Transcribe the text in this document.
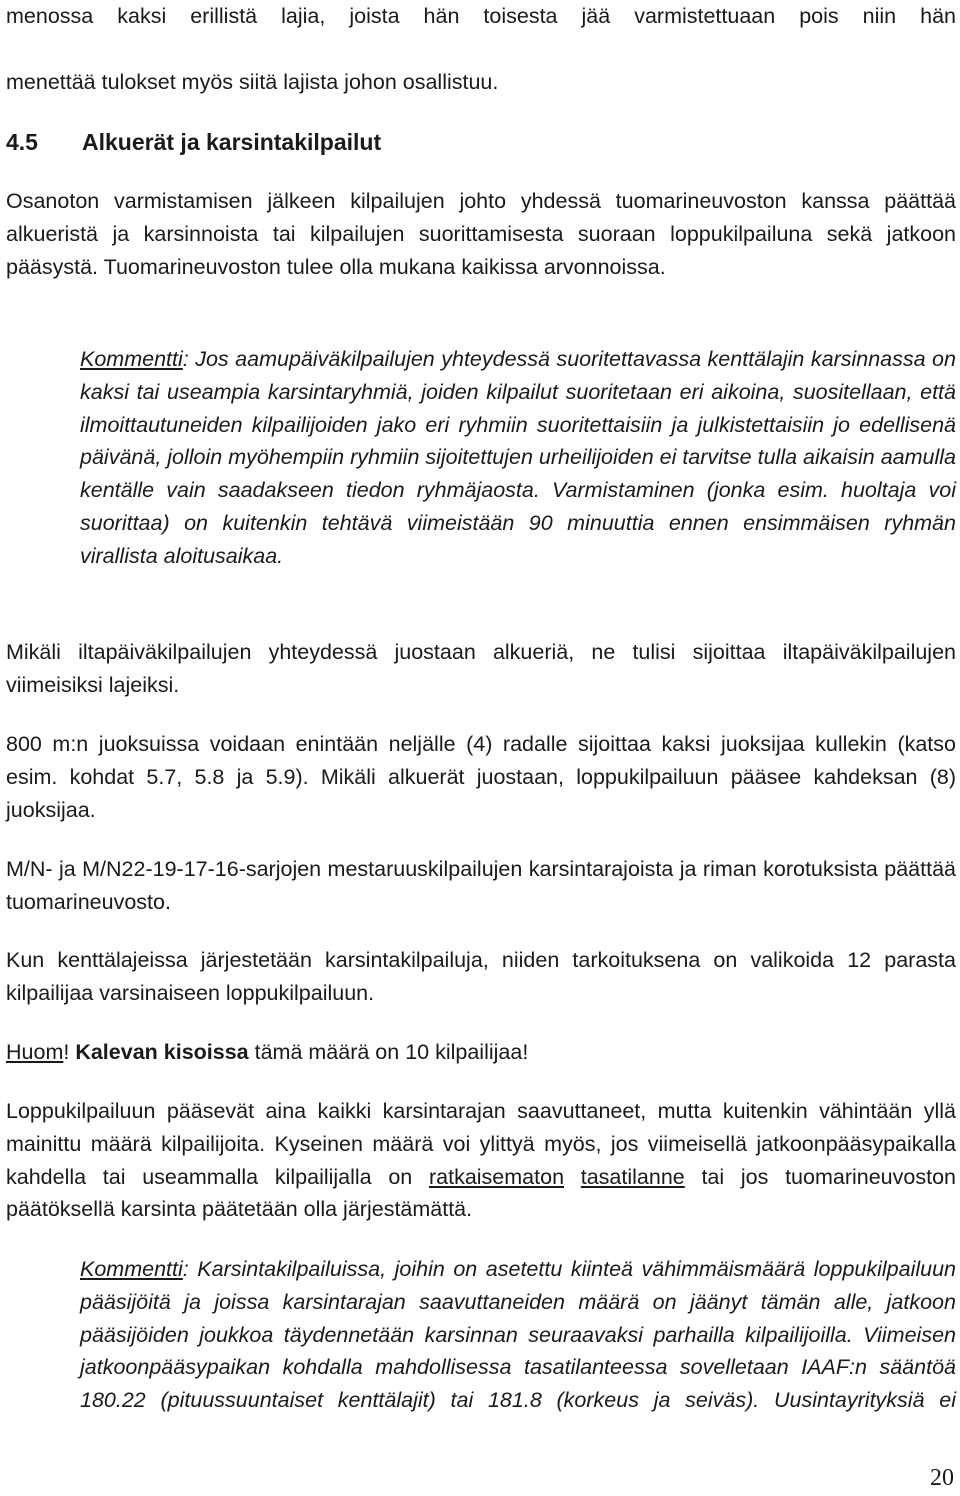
menossa kaksi erillistä lajia, joista hän toisesta jää varmistettuaan pois niin hän
menettää tulokset myös siitä lajista johon osallistuu.

4.5 Alkuerät ja karsintakilpailut

Osanoton varmistamisen jälkeen kilpailujen johto yhdessä tuomarineuvoston kanssa päättää alkueristä ja karsinnoista tai kilpailujen suorittamisesta suoraan loppukilpailuna sekä jatkoon pääsystä. Tuomarineuvoston tulee olla mukana kaikissa arvonnoissa.

Kommentti: Jos aamupäiväkilpailujen yhteydessä suoritettavassa kenttälajin karsinnassa on kaksi tai useampia karsintaryhmiä, joiden kilpailut suoritetaan eri aikoina, suositellaan, että ilmoittautuneiden kilpailijoiden jako eri ryhmiin suoritettaisiin ja julkistettaisiin jo edellisenä päivänä, jolloin myöhempiin ryhmiin sijoitettujen urheilijoiden ei tarvitse tulla aikaisin aamulla kentälle vain saadakseen tiedon ryhmäjaosta. Varmistaminen (jonka esim. huoltaja voi suorittaa) on kuitenkin tehtävä viimeistään 90 minuuttia ennen ensimmäisen ryhmän virallista aloitusaikaa.

Mikäli iltapäiväkilpailujen yhteydessä juostaan alkueriä, ne tulisi sijoittaa iltapäiväkilpailujen viimeisiksi lajeiksi.

800 m:n juoksuissa voidaan enintään neljälle (4) radalle sijoittaa kaksi juoksijaa kullekin (katso esim. kohdat 5.7, 5.8 ja 5.9). Mikäli alkuerät juostaan, loppukilpailuun pääsee kahdeksan (8) juoksijaa.

M/N- ja M/N22-19-17-16-sarjojen mestaruuskilpailujen karsintarajoista ja riman korotuksista päättää tuomarineuvosto.

Kun kenttälajeissa järjestetään karsintakilpailuja, niiden tarkoituksena on valikoida 12 parasta kilpailijaa varsinaiseen loppukilpailuun.

Huom! Kalevan kisoissa tämä määrä on 10 kilpailijaa!

Loppukilpailuun pääsevät aina kaikki karsintarajan saavuttaneet, mutta kuitenkin vähintään yllä mainittu määrä kilpailijoita. Kyseinen määrä voi ylittyä myös, jos viimeisellä jatkoonpääsypaikalla kahdella tai useammalla kilpailijalla on ratkaisematon tasatilanne tai jos tuomarineuvoston päätöksellä karsinta päätetään olla järjestämättä.

Kommentti: Karsintakilpailuissa, joihin on asetettu kiinteä vähimmäismäärä loppukilpailuun pääsijöitä ja joissa karsintarajan saavuttaneiden määrä on jäänyt tämän alle, jatkoon pääsijöiden joukkoa täydennetään karsinnan seuraavaksi parhailla kilpailijoilla. Viimeisen jatkoonpääsypaikan kohdalla mahdollisessa tasatilanteessa sovelletaan IAAF:n sääntöä 180.22 (pituussuuntaiset kenttälajit) tai 181.8 (korkeus ja seiväs). Uusintayrityksiä ei

20
